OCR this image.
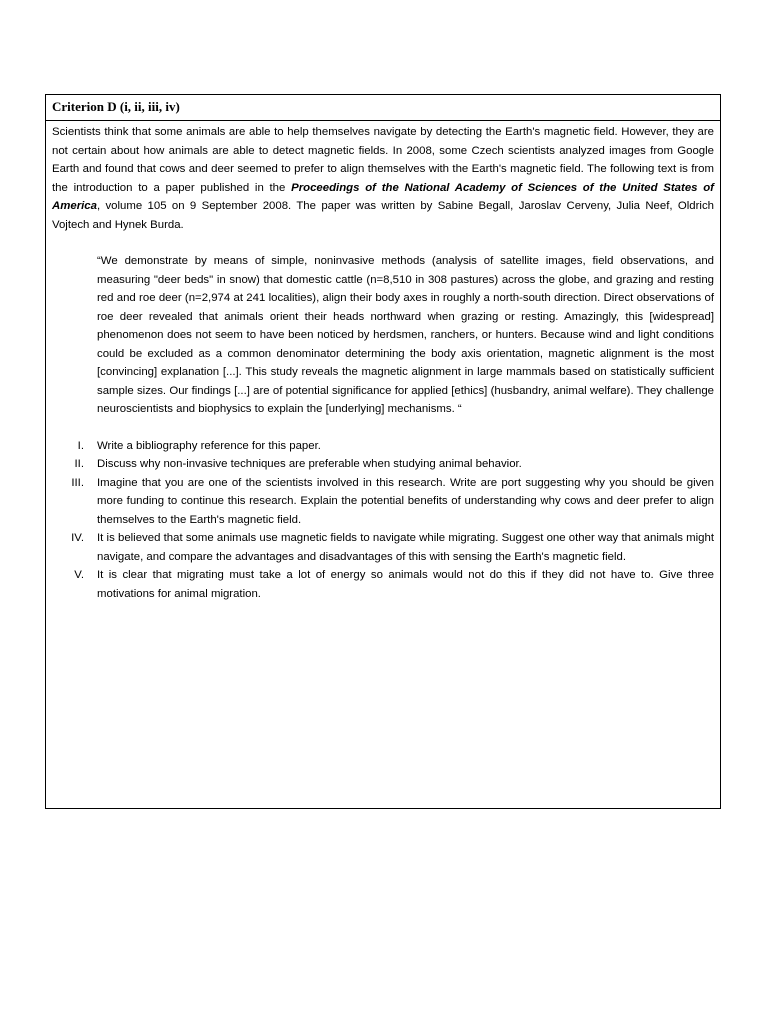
Criterion D (i, ii, iii, iv)

Scientists think that some animals are able to help themselves navigate by detecting the Earth's magnetic field. However, they are not certain about how animals are able to detect magnetic fields. In 2008, some Czech scientists analyzed images from Google Earth and found that cows and deer seemed to prefer to align themselves with the Earth's magnetic field. The following text is from the introduction to a paper published in the Proceedings of the National Academy of Sciences of the United States of America, volume 105 on 9 September 2008. The paper was written by Sabine Begall, Jaroslav Cerveny, Julia Neef, Oldrich Vojtech and Hynek Burda.

“We demonstrate by means of simple, noninvasive methods (analysis of satellite images, field observations, and measuring "deer beds" in snow) that domestic cattle (n=8,510 in 308 pastures) across the globe, and grazing and resting red and roe deer (n=2,974 at 241 localities), align their body axes in roughly a north-south direction. Direct observations of roe deer revealed that animals orient their heads northward when grazing or resting. Amazingly, this [widespread] phenomenon does not seem to have been noticed by herdsmen, ranchers, or hunters. Because wind and light conditions could be excluded as a common denominator determining the body axis orientation, magnetic alignment is the most [convincing] explanation [...]. This study reveals the magnetic alignment in large mammals based on statistically sufficient sample sizes. Our findings [...] are of potential significance for applied [ethics] (husbandry, animal welfare). They challenge neuroscientists and biophysics to explain the [underlying] mechanisms. “

I. Write a bibliography reference for this paper.
II. Discuss why non-invasive techniques are preferable when studying animal behavior.
III. Imagine that you are one of the scientists involved in this research. Write are port suggesting why you should be given more funding to continue this research. Explain the potential benefits of understanding why cows and deer prefer to align themselves to the Earth's magnetic field.
IV. It is believed that some animals use magnetic fields to navigate while migrating. Suggest one other way that animals might navigate, and compare the advantages and disadvantages of this with sensing the Earth's magnetic field.
V. It is clear that migrating must take a lot of energy so animals would not do this if they did not have to. Give three motivations for animal migration.
